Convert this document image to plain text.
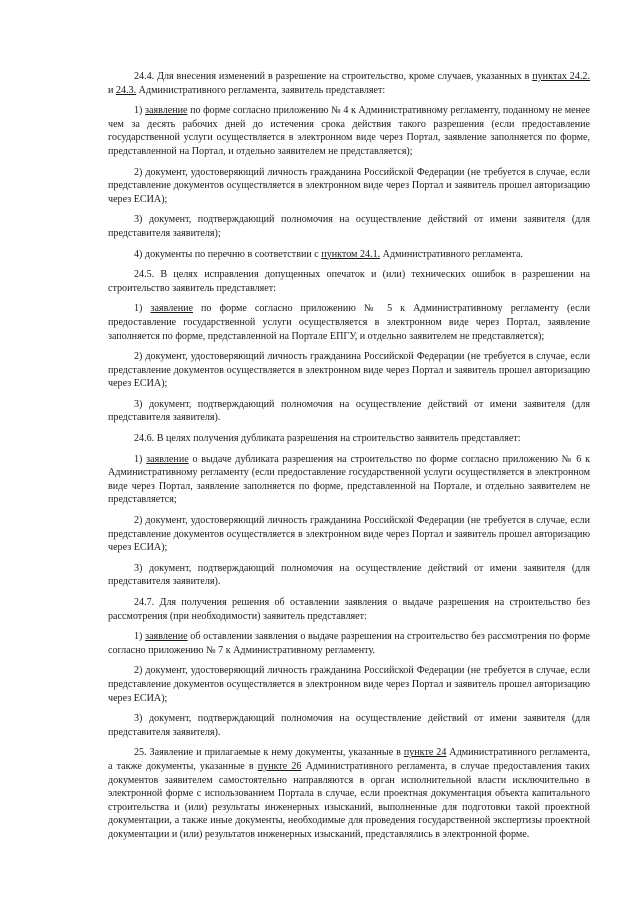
24.4. Для внесения изменений в разрешение на строительство, кроме случаев, указанных в пунктах 24.2. и 24.3. Административного регламента, заявитель представляет:

1) заявление по форме согласно приложению № 4 к Административному регламенту, поданному не менее чем за десять рабочих дней до истечения срока действия такого разрешения (если предоставление государственной услуги осуществляется в электронном виде через Портал, заявление заполняется по форме, представленной на Портал, и отдельно заявителем не представляется);

2) документ, удостоверяющий личность гражданина Российской Федерации (не требуется в случае, если представление документов осуществляется в электронном виде через Портал и заявитель прошел авторизацию через ЕСИА);

3) документ, подтверждающий полномочия на осуществление действий от имени заявителя (для представителя заявителя);

4) документы по перечню в соответствии с пунктом 24.1. Административного регламента.

24.5. В целях исправления допущенных опечаток и (или) технических ошибок в разрешении на строительство заявитель представляет:

1) заявление по форме согласно приложению № 5 к Административному регламенту (если предоставление государственной услуги осуществляется в электронном виде через Портал, заявление заполняется по форме, представленной на Портале ЕПГУ, и отдельно заявителем не представляется);

2) документ, удостоверяющий личность гражданина Российской Федерации (не требуется в случае, если представление документов осуществляется в электронном виде через Портал и заявитель прошел авторизацию через ЕСИА);

3) документ, подтверждающий полномочия на осуществление действий от имени заявителя (для представителя заявителя).

24.6. В целях получения дубликата разрешения на строительство заявитель представляет:

1) заявление о выдаче дубликата разрешения на строительство по форме согласно приложению № 6 к Административному регламенту (если предоставление государственной услуги осуществляется в электронном виде через Портал, заявление заполняется по форме, представленной на Портале, и отдельно заявителем не представляется;

2) документ, удостоверяющий личность гражданина Российской Федерации (не требуется в случае, если представление документов осуществляется в электронном виде через Портал и заявитель прошел авторизацию через ЕСИА);

3) документ, подтверждающий полномочия на осуществление действий от имени заявителя (для представителя заявителя).

24.7. Для получения решения об оставлении заявления о выдаче разрешения на строительство без рассмотрения (при необходимости) заявитель представляет:

1) заявление об оставлении заявления о выдаче разрешения на строительство без рассмотрения по форме согласно приложению № 7 к Административному регламенту.

2) документ, удостоверяющий личность гражданина Российской Федерации (не требуется в случае, если представление документов осуществляется в электронном виде через Портал и заявитель прошел авторизацию через ЕСИА);

3) документ, подтверждающий полномочия на осуществление действий от имени заявителя (для представителя заявителя).

25. Заявление и прилагаемые к нему документы, указанные в пункте 24 Административного регламента, а также документы, указанные в пункте 26 Административного регламента, в случае предоставления таких документов заявителем самостоятельно направляются в орган исполнительной власти исключительно в электронной форме с использованием Портала в случае, если проектная документация объекта капитального строительства и (или) результаты инженерных изысканий, выполненные для подготовки такой проектной документации, а также иные документы, необходимые для проведения государственной экспертизы проектной документации и (или) результатов инженерных изысканий, представлялись в электронной форме.
